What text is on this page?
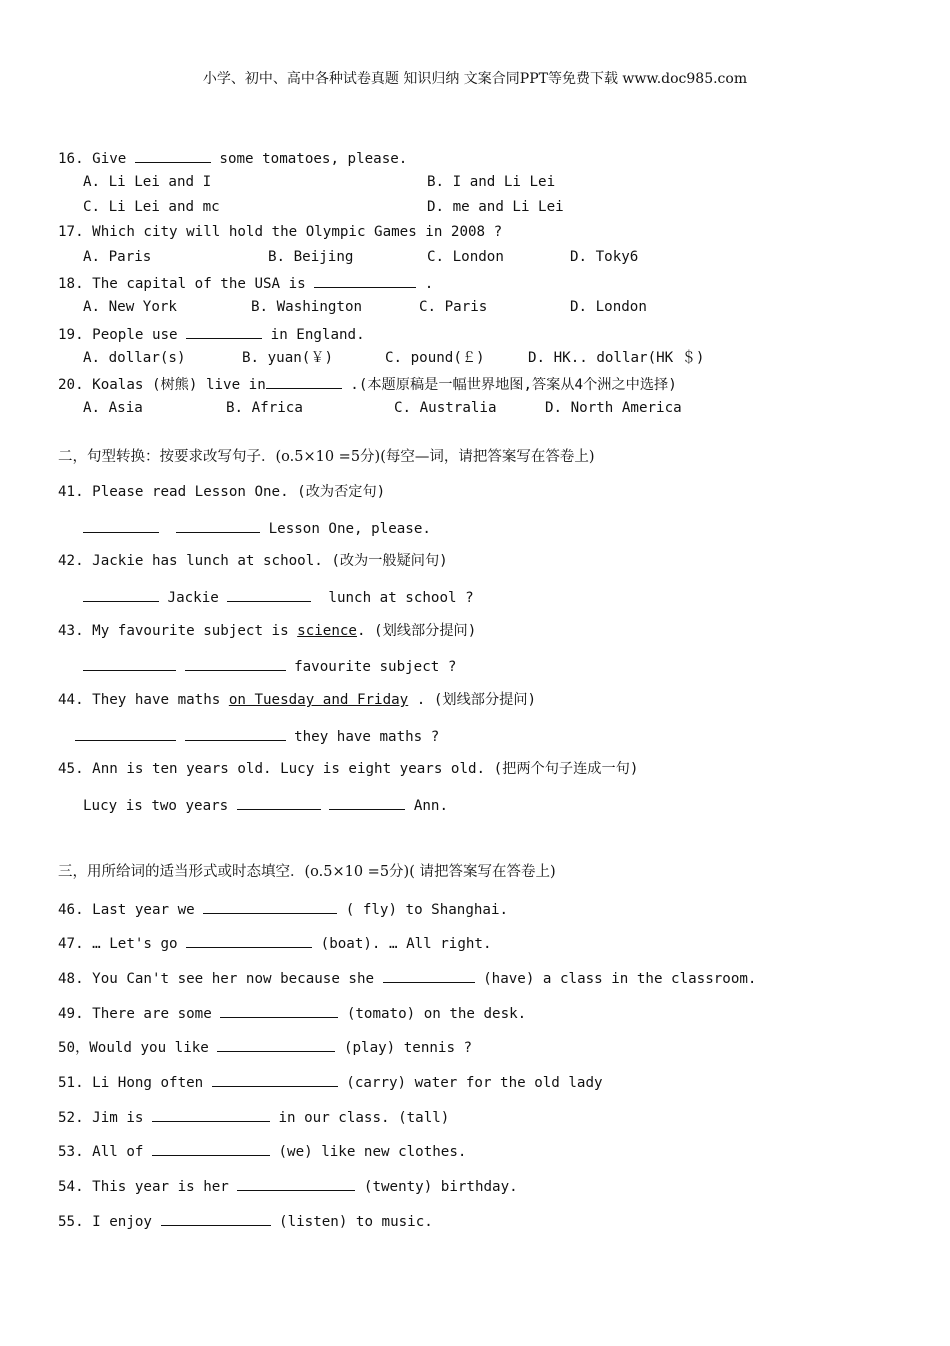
小学、初中、高中各种试卷真题 知识归纳 文案合同PPT等免费下载 www.doc985.com
16. Give	some tomatoes, please.
A. Li Lei and I	B. I and Li Lei
C. Li Lei and mc	D. me and Li Lei
17. Which city will hold the Olympic Games in 2008 ?
A. Paris	B. Beijing	C. London	D. Toky6
18. The capital of the USA is	.
A. New York	B. Washington	C. Paris	D. London
19. People use	in England.
A. dollar(s)	B. yuan(￥)	C. pound(￡)	D. HK.. dollar(HK ＄)
20. Koalas (树熊) live in	.(本题原稿是一幅世界地图,答案从4个洲之中选择)
A. Asia	B. Africa	C. Australia	D. North America
二，句型转换：按要求改写句子．(o.5×10 =5分)(每空—词，请把答案写在答卷上)
41. Please read Lesson One. (改为否定句)
Lesson One, please.
42. Jackie has lunch at school. (改为一般疑问句)
Jackie	lunch at school ?
43. My favourite subject is science. (划线部分提问)
favourite subject ?
44. They have maths on Tuesday and Friday . (划线部分提问)
they have maths ?
45. Ann is ten years old. Lucy is eight years old. (把两个句子连成一句)
Lucy is two years	Ann.
三，用所给词的适当形式或时态填空．(o.5×10 =5分)( 请把答案写在答卷上)
46. Last year we	( fly) to Shanghai.
47. … Let's go	(boat). … All right.
48. You Can't see her now because she	(have) a class in the classroom.
49. There are some	(tomato) on the desk.
50，Would you like	(play) tennis ?
51. Li Hong often	(carry) water for the old lady
52. Jim is	in our class. (tall)
53. All of	(we) like new clothes.
54. This year is her	(twenty) birthday.
55. I enjoy	(listen) to music.
